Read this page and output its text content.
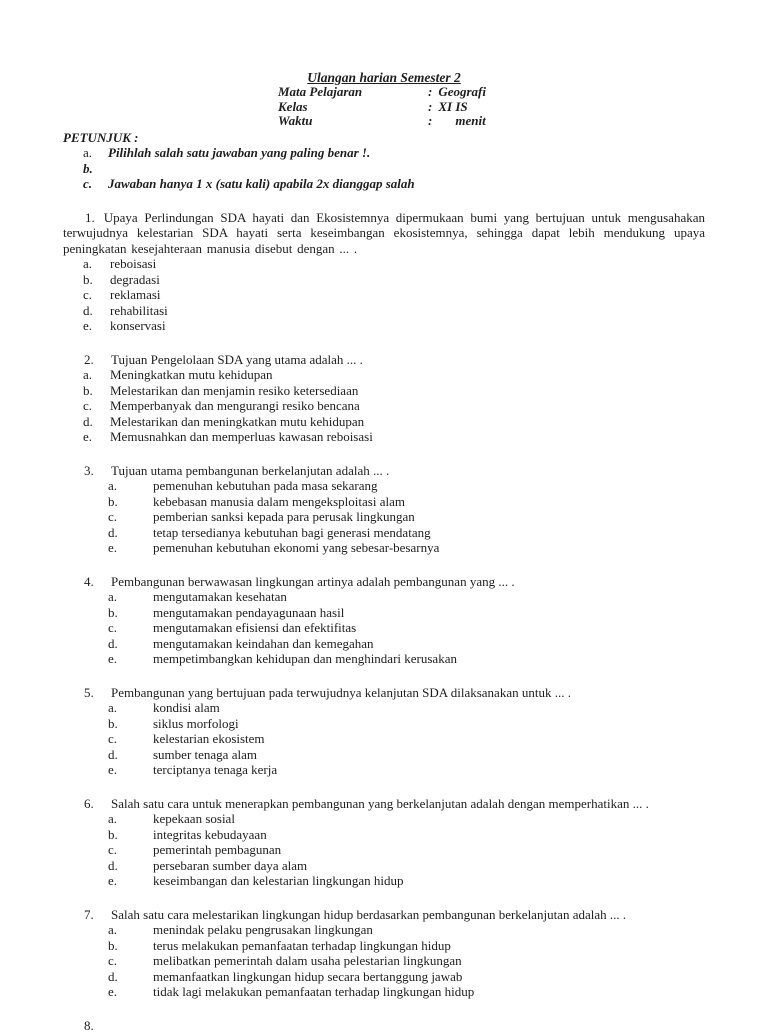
Ulangan harian Semester 2
Mata Pelajaran	: Geografi
Kelas	: XI IS
Waktu	: menit
PETUNJUK :
a.	Pilihlah salah satu jawaban yang paling benar !.
b.
c.	Jawaban hanya 1 x (satu kali) apabila 2x dianggap salah
1. Upaya Perlindungan SDA hayati dan Ekosistemnya dipermukaan bumi yang bertujuan untuk mengusahakan terwujudnya kelestarian SDA hayati serta keseimbangan ekosistemnya, sehingga dapat lebih mendukung upaya peningkatan kesejahteraan manusia disebut dengan ... .
a.	reboisasi
b.	degradasi
c.	reklamasi
d.	rehabilitasi
e.	konservasi
2.	Tujuan Pengelolaan SDA yang utama adalah ... .
a.	Meningkatkan mutu kehidupan
b.	Melestarikan dan menjamin resiko ketersediaan
c.	Memperbanyak dan mengurangi resiko bencana
d.	Melestarikan dan meningkatkan mutu kehidupan
e.	Memusnahkan dan memperluas kawasan reboisasi
3.	Tujuan utama pembangunan berkelanjutan adalah ... .
a.	pemenuhan kebutuhan pada masa sekarang
b.	kebebasan manusia dalam mengeksploitasi alam
c.	pemberian sanksi kepada para perusak lingkungan
d.	tetap tersedianya kebutuhan bagi generasi mendatang
e.	pemenuhan kebutuhan ekonomi yang sebesar-besarnya
4.	Pembangunan berwawasan lingkungan artinya adalah pembangunan yang ... .
a.	mengutamakan kesehatan
b.	mengutamakan pendayagunaan hasil
c.	mengutamakan efisiensi dan efektifitas
d.	mengutamakan keindahan dan kemegahan
e.	mempetimbangkan kehidupan dan menghindari kerusakan
5.	Pembangunan yang bertujuan pada terwujudnya kelanjutan SDA dilaksanakan untuk ... .
a.	kondisi alam
b.	siklus morfologi
c.	kelestarian ekosistem
d.	sumber tenaga alam
e.	terciptanya tenaga kerja
6.	Salah satu cara untuk menerapkan pembangunan yang berkelanjutan adalah dengan memperhatikan ... .
a.	kepekaan sosial
b.	integritas kebudayaan
c.	pemerintah pembagunan
d.	persebaran sumber daya alam
e.	keseimbangan dan kelestarian lingkungan hidup
7.	Salah satu cara melestarikan lingkungan hidup berdasarkan pembangunan berkelanjutan adalah ... .
a.	menindak pelaku pengrusakan lingkungan
b.	terus melakukan pemanfaatan terhadap lingkungan hidup
c.	melibatkan pemerintah dalam usaha pelestarian lingkungan
d.	memanfaatkan lingkungan hidup secara bertanggung jawab
e.	tidak lagi melakukan pemanfaatan terhadap lingkungan hidup
8.
